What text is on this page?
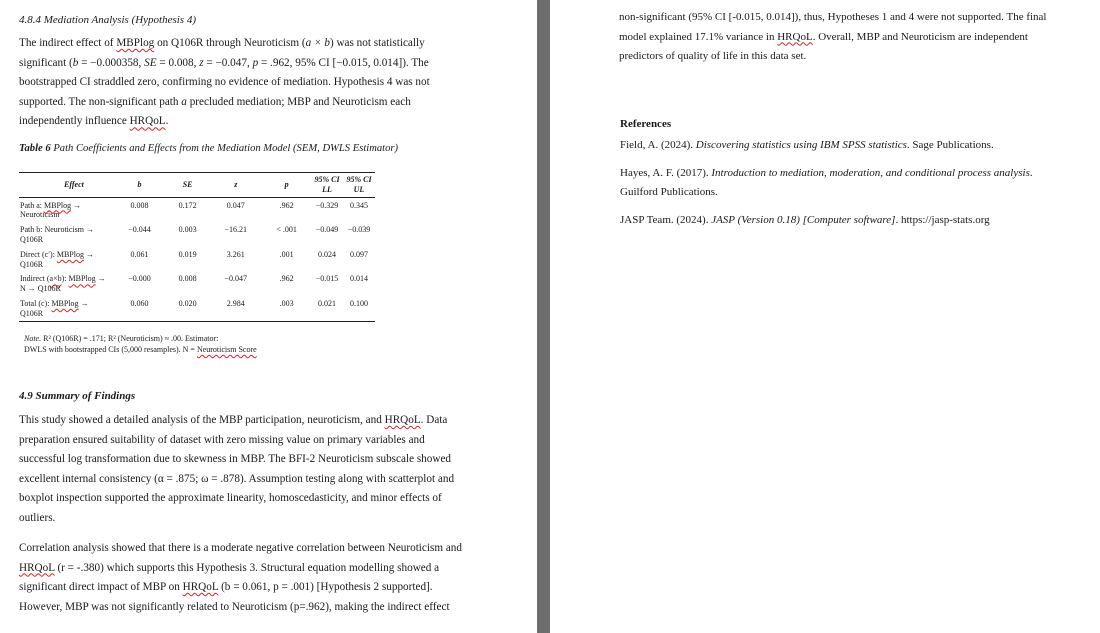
4.8.4 Mediation Analysis (Hypothesis 4)
The indirect effect of MBPlog on Q106R through Neuroticism (a × b) was not statistically significant (b = −0.000358, SE = 0.008, z = −0.047, p = .962, 95% CI [−0.015, 0.014]). The bootstrapped CI straddled zero, confirming no evidence of mediation. Hypothesis 4 was not supported. The non-significant path a precluded mediation; MBP and Neuroticism each independently influence HRQoL.
Table 6 Path Coefficients and Effects from the Mediation Model (SEM, DWLS Estimator)
Effect	b	SE	z	p	95% CI LL	95% CI UL
Path a: MBPlog → Neuroticism	0.008	0.172	0.047	.962	−0.329	0.345
Path b: Neuroticism → Q106R	−0.044	0.003	−16.21	< .001	−0.049	−0.039
Direct (c′): MBPlog → Q106R	0.061	0.019	3.261	.001	0.024	0.097
Indirect (a×b): MBPlog → N → Q106R	−0.000	0.008	−0.047	.962	−0.015	0.014
Total (c): MBPlog → Q106R	0.060	0.020	2.984	.003	0.021	0.100
Note. R² (Q106R) = .171; R² (Neuroticism) ≈ .00. Estimator:
DWLS with bootstrapped CIs (5,000 resamples). N = Neuroticism Score
4.9 Summary of Findings
This study showed a detailed analysis of the MBP participation, neuroticism, and HRQoL. Data preparation ensured suitability of dataset with zero missing value on primary variables and successful log transformation due to skewness in MBP. The BFI-2 Neuroticism subscale showed excellent internal consistency (α = .875; ω = .878). Assumption testing along with scatterplot and boxplot inspection supported the approximate linearity, homoscedasticity, and minor effects of outliers.
Correlation analysis showed that there is a moderate negative correlation between Neuroticism and HRQoL (r = -.380) which supports this Hypothesis 3. Structural equation modelling showed a significant direct impact of MBP on HRQoL (b = 0.061, p = .001) [Hypothesis 2 supported]. However, MBP was not significantly related to Neuroticism (p=.962), making the indirect effect
non-significant (95% CI [-0.015, 0.014]), thus, Hypotheses 1 and 4 were not supported. The final model explained 17.1% variance in HRQoL. Overall, MBP and Neuroticism are independent predictors of quality of life in this data set.
References
Field, A. (2024). Discovering statistics using IBM SPSS statistics. Sage Publications.
Hayes, A. F. (2017). Introduction to mediation, moderation, and conditional process analysis. Guilford Publications.
JASP Team. (2024). JASP (Version 0.18) [Computer software]. https://jasp-stats.org
